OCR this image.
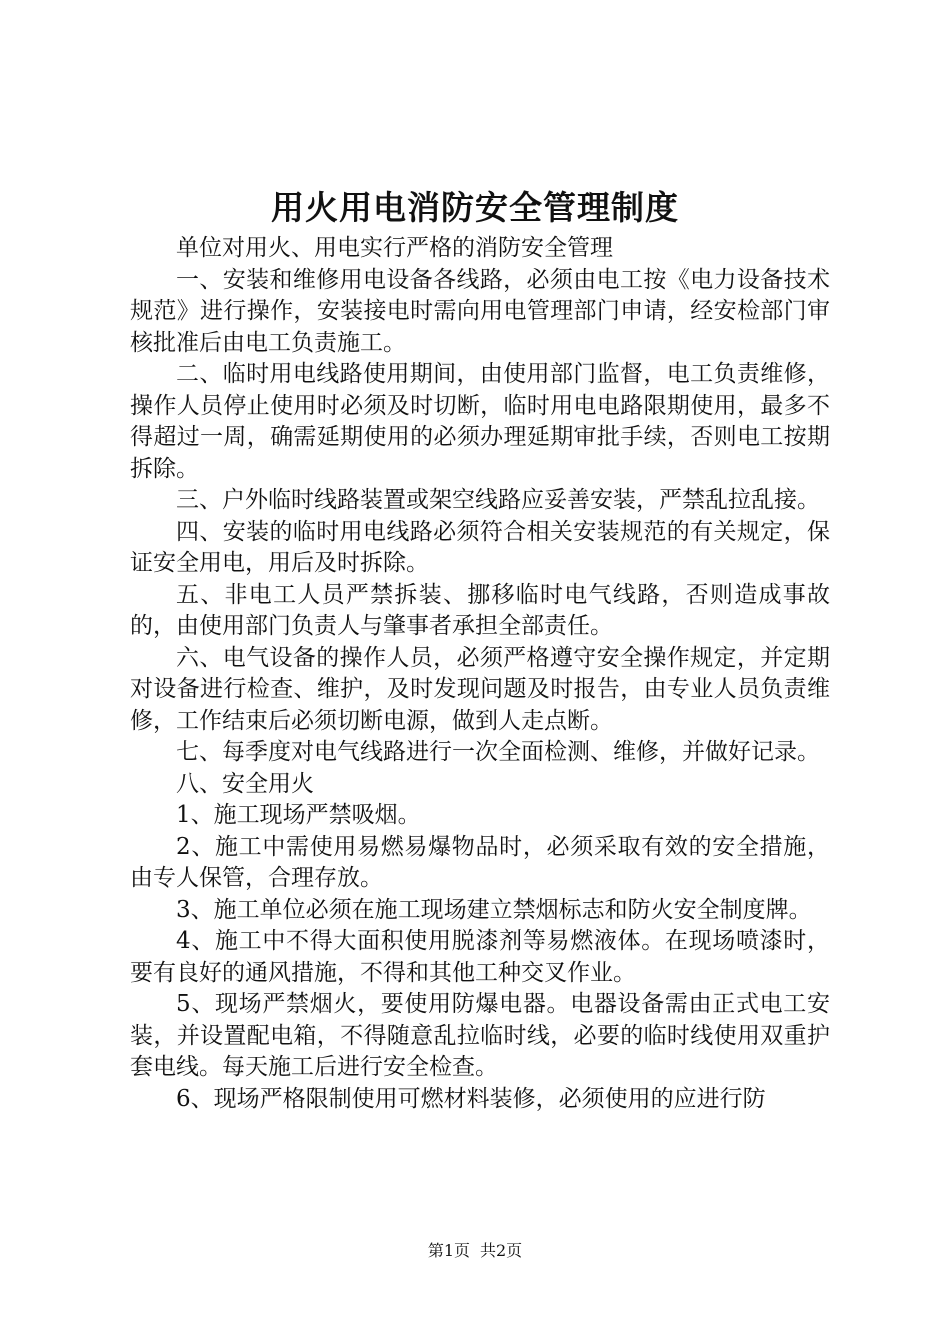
用火用电消防安全管理制度

单位对用火、用电实行严格的消防安全管理

一、安装和维修用电设备各线路，必须由电工按《电力设备技术规范》进行操作，安装接电时需向用电管理部门申请，经安检部门审核批准后由电工负责施工。

二、临时用电线路使用期间，由使用部门监督，电工负责维修，操作人员停止使用时必须及时切断，临时用电电路限期使用，最多不得超过一周，确需延期使用的必须办理延期审批手续，否则电工按期拆除。

三、户外临时线路装置或架空线路应妥善安装，严禁乱拉乱接。

四、安装的临时用电线路必须符合相关安装规范的有关规定，保证安全用电，用后及时拆除。

五、非电工人员严禁拆装、挪移临时电气线路，否则造成事故的，由使用部门负责人与肇事者承担全部责任。

六、电气设备的操作人员，必须严格遵守安全操作规定，并定期对设备进行检查、维护，及时发现问题及时报告，由专业人员负责维修，工作结束后必须切断电源，做到人走点断。

七、每季度对电气线路进行一次全面检测、维修，并做好记录。

八、安全用火

1、施工现场严禁吸烟。

2、施工中需使用易燃易爆物品时，必须采取有效的安全措施，由专人保管，合理存放。

3、施工单位必须在施工现场建立禁烟标志和防火安全制度牌。

4、施工中不得大面积使用脱漆剂等易燃液体。在现场喷漆时，要有良好的通风措施，不得和其他工种交叉作业。

5、现场严禁烟火，要使用防爆电器。电器设备需由正式电工安装，并设置配电箱，不得随意乱拉临时线，必要的临时线使用双重护套电线。每天施工后进行安全检查。

6、现场严格限制使用可燃材料装修，必须使用的应进行防

第1页 共2页
